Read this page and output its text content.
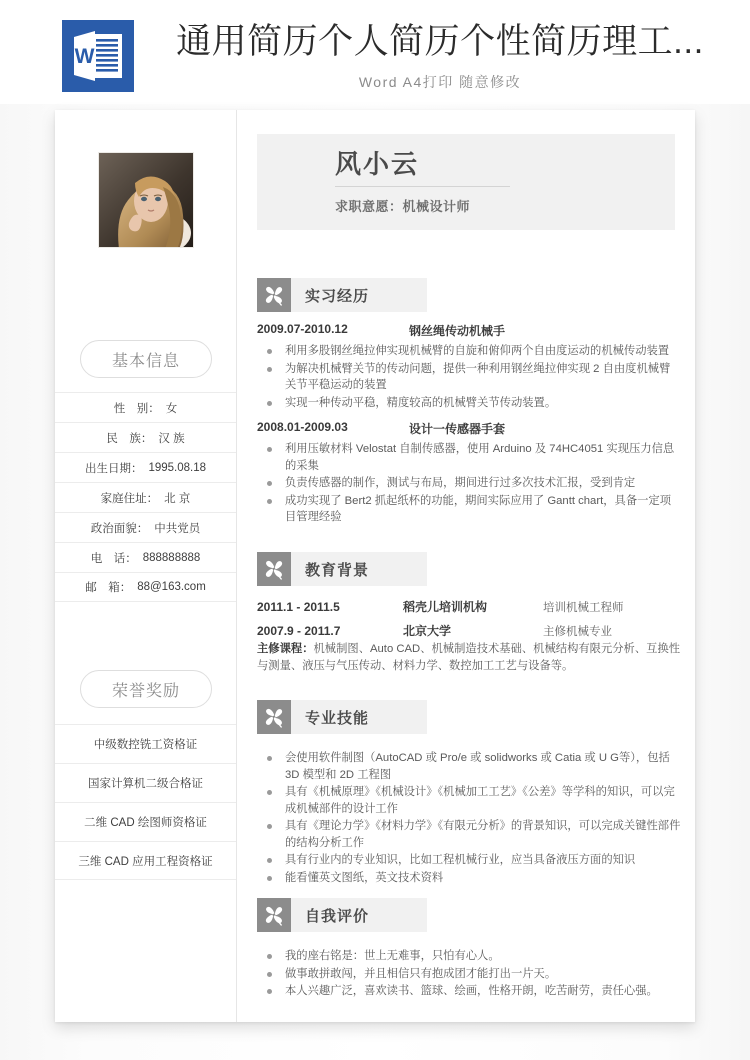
W	通用简历个人简历个性简历理工...
Word A4打印 随意修改
基本信息
性　别： 女
民　族： 汉 族
出生日期： 1995.08.18
家庭住址： 北 京
政治面貌： 中共党员
电　话： 888888888
邮　箱： 88@163.com
荣誉奖励
中级数控铣工资格证
国家计算机二级合格证
二维 CAD 绘图师资格证
三维 CAD 应用工程资格证
风小云
求职意愿：机械设计师
实习经历
2009.07-2010.12	钢丝绳传动机械手
利用多股钢丝绳拉伸实现机械臂的自旋和俯仰两个自由度运动的机械传动装置
为解决机械臂关节的传动问题，提供一种利用钢丝绳拉伸实现 2 自由度机械臂关节平稳运动的装置
实现一种传动平稳，精度较高的机械臂关节传动装置。
2008.01-2009.03	设计一传感器手套
利用压敏材料 Velostat 自制传感器，使用 Arduino 及 74HC4051 实现压力信息的采集
负责传感器的制作，测试与布局，期间进行过多次技术汇报，受到肯定
成功实现了 Bert2 抓起纸杯的功能，期间实际应用了 Gantt chart，具备一定项目管理经验
教育背景
2011.1 - 2011.5	稻壳儿培训机构	培训机械工程师
2007.9 - 2011.7	北京大学	主修机械专业
主修课程：机械制图、Auto CAD、机械制造技术基础、机械结构有限元分析、互换性与测量、液压与气压传动、材料力学、数控加工工艺与设备等。
专业技能
会使用软件制图（AutoCAD 或 Pro/e 或 solidworks 或 Catia 或 U G等），包括 3D 模型和 2D 工程图
具有《机械原理》《机械设计》《机械加工工艺》《公差》等学科的知识，可以完成机械部件的设计工作
具有《理论力学》《材料力学》《有限元分析》的背景知识，可以完成关键性部件的结构分析工作
具有行业内的专业知识，比如工程机械行业，应当具备液压方面的知识
能看懂英文图纸，英文技术资料
自我评价
我的座右铭是：世上无难事，只怕有心人。
做事敢拼敢闯，并且相信只有抱成团才能打出一片天。
本人兴趣广泛，喜欢读书、篮球、绘画，性格开朗，吃苦耐劳，责任心强。
